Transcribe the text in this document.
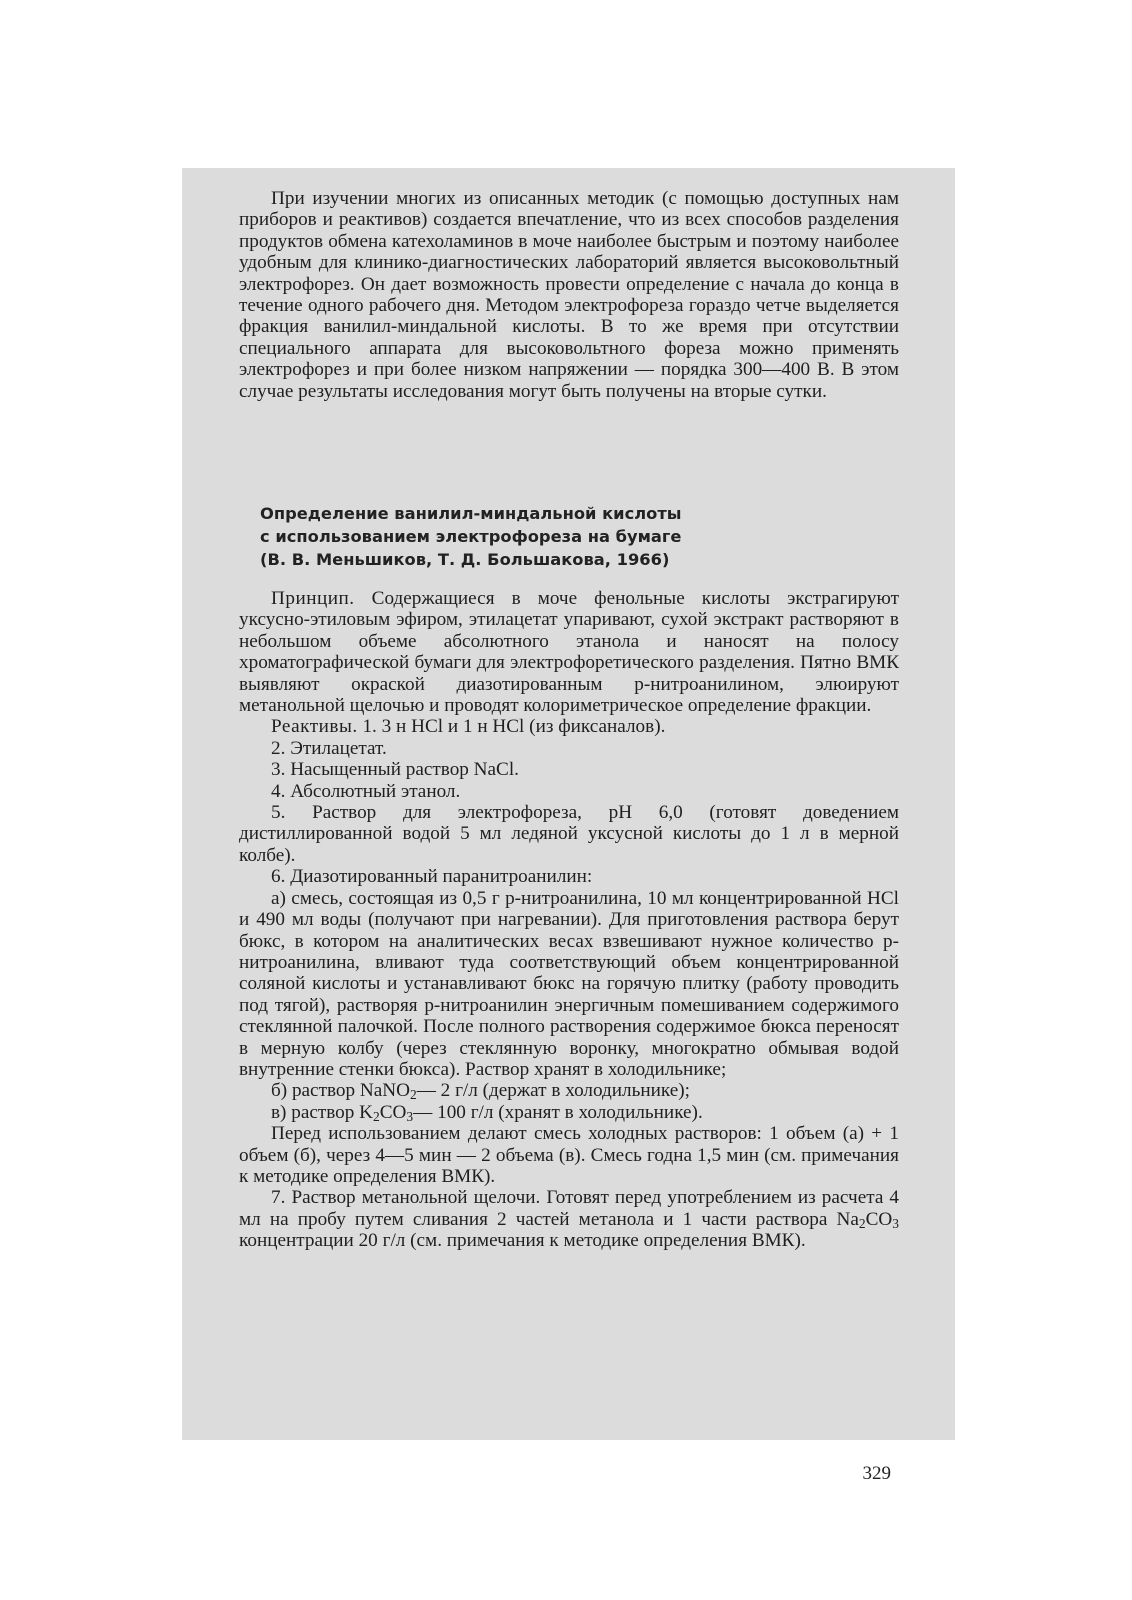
При изучении многих из описанных методик (с помощью доступных нам приборов и реактивов) создается впечатление, что из всех способов разделения продуктов обмена катехоламинов в моче наиболее быстрым и поэтому наиболее удобным для клинико-диагностических лабораторий является высоковольтный электрофорез. Он дает возможность провести определение с начала до конца в течение одного рабочего дня. Методом электрофореза гораздо четче выделяется фракция ванилил-миндальной кислоты. В то же время при отсутствии специального аппарата для высоковольтного фореза можно применять электрофорез и при более низком напряжении — порядка 300—400 В. В этом случае результаты исследования могут быть получены на вторые сутки.

Определение ванилил-миндальной кислоты
с использованием электрофореза на бумаге
(В. В. Меньшиков, Т. Д. Большакова, 1966)

Принцип. Содержащиеся в моче фенольные кислоты экстрагируют уксусно-этиловым эфиром, этилацетат упаривают, сухой экстракт растворяют в небольшом объеме абсолютного этанола и наносят на полосу хроматографической бумаги для электрофоретического разделения. Пятно ВМК выявляют окраской диазотированным р-нитроанилином, элюируют метанольной щелочью и проводят колориметрическое определение фракции.

Реактивы. 1. 3 н HCl и 1 н HCl (из фиксаналов).

2. Этилацетат.

3. Насыщенный раствор NaCl.

4. Абсолютный этанол.

5. Раствор для электрофореза, pH 6,0 (готовят доведением дистиллированной водой 5 мл ледяной уксусной кислоты до 1 л в мерной колбе).

6. Диазотированный паранитроанилин:

а) смесь, состоящая из 0,5 г р-нитроанилина, 10 мл концентрированной HCl и 490 мл воды (получают при нагревании). Для приготовления раствора берут бюкс, в котором на аналитических весах взвешивают нужное количество р-нитроанилина, вливают туда соответствующий объем концентрированной соляной кислоты и устанавливают бюкс на горячую плитку (работу проводить под тягой), растворяя р-нитроанилин энергичным помешиванием содержимого стеклянной палочкой. После полного растворения содержимое бюкса переносят в мерную колбу (через стеклянную воронку, многократно обмывая водой внутренние стенки бюкса). Раствор хранят в холодильнике;

б) раствор NaNO$_2$— 2 г/л (держат в холодильнике);

в) раствор $K_2CO_3—$ 100 г/л (хранят в холодильнике).

Перед использованием делают смесь холодных растворов: 1 объем (а) + 1 объем (б), через 4—5 мин — 2 объема (в). Смесь годна 1,5 мин (см. примечания к методике определения ВМК).

7. Раствор метанольной щелочи. Готовят перед употреблением из расчета 4 мл на пробу путем сливания 2 частей метанола и 1 части раствора $Na_2CO_3$ концентрации 20 г/л (см. примечания к методике определения ВМК).

329
